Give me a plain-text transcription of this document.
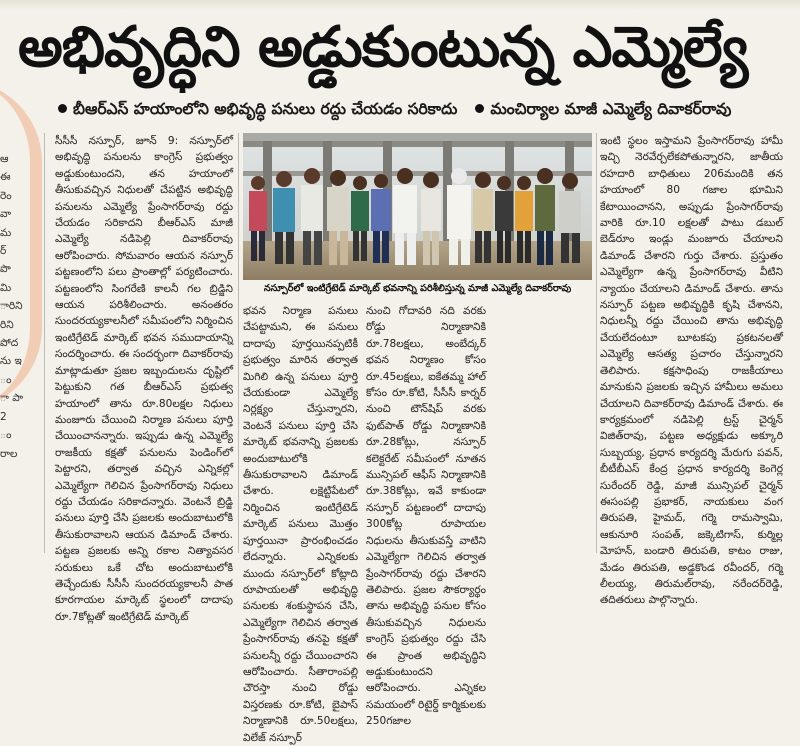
అభివృద్ధిని అడ్డుకుంటున్న ఎమ్మెల్యే
బీఆర్ఎస్ హయాంలోని అభివృద్ధి పనులు రద్దు చేయడం సరికాదు మంచిర్యాల మాజీ ఎమ్మెల్యే దివాకర్‌రావు
ఆ
ఈ
రెం
వా
మ
ర్
పొ
మి
ారిని
రిని
పోద
ను ఇ
ం
ా పా
2
ం
రాల

సీసీసీ నస్పూర్, జూన్ 9: నస్పూర్‌లో అభివృద్ధి పనులను కాంగ్రెస్ ప్రభుత్వం అడ్డుకుంటుందని, తన హయాంలో తీసుకువచ్చిన నిధులతో చేపట్టిన అభివృద్ధి పనులను ఎమ్మెల్యే ప్రేంసాగర్‌రావు రద్దు చేయడం సరికాదని బీఆర్ఎస్ మాజీ ఎమ్మెల్యే నడిపెల్లి దివాకర్‌రావు ఆరోపించారు. సోమవారం ఆయన నస్పూర్ పట్టణంలోని పలు ప్రాంతాల్లో పర్యటించారు. పట్టణంలోని సింగరేణి కాలనీ గల బ్రిడ్జిని ఆయన పరిశీలించారు. అనంతరం సుందరయ్యకాలనీలో సమీపంలోని నిర్మించిన ఇంటిగ్రేటెడ్ మార్కెట్ భవన సముదాయాన్ని సందర్శించారు. ఈ సందర్భంగా దివాకర్‌రావు మాట్లాడుతూ ప్రజల ఇబ్బందులను దృష్టిలో పెట్టుకుని గత బీఆర్ఎస్ ప్రభుత్వ హయాంలో తాను రూ.80లక్షల నిధులు మంజూరు చేయించి నిర్మాణ పనులు పూర్తి చేయించానన్నారు. ఇప్పుడు ఉన్న ఎమ్మెల్యే రాజకీయ కక్షతో పనులను పెండింగ్‌లో పెట్టారని, తర్వాత వచ్చిన ఎన్నికల్లో ఎమ్మెల్యేగా గెలిచిన ప్రేంసాగర్‌రావు నిధులు రద్దు చేయడం సరికాదన్నారు. వెంటనే బ్రిడ్జి పనులు పూర్తి చేసి ప్రజలకు అందుబాటులోకి తీసుకురావాలని ఆయన డిమాండ్ చేశారు. పట్టణ ప్రజలకు అన్ని రకాల నిత్యావసర సరుకులు ఒకే చోట అందుబాటులోకి తెచ్చేందుకు సీసీసీ సుందరయ్యకాలనీ పాత కూరగాయల మార్కెట్ స్థలంలో దాదాపు రూ.7కోట్లతో ఇంటిగ్రేటెడ్ మార్కెట్

నస్పూర్‌లో ఇంటిగ్రేటెడ్ మార్కెట్ భవనాన్ని పరిశీలిస్తున్న మాజీ ఎమ్మెల్యే దివాకర్‌రావు

భవన నిర్మాణ పనులు చేపట్టామని, ఈ పనులు దాదాపు పూర్తయినప్పటికీ ప్రభుత్వం మారిన తర్వాత మిగిలి ఉన్న పనులు పూర్తి చేయకుండా ఎమ్మెల్యే నిర్లక్ష్యం చేస్తున్నారని, వెంటనే పనులు పూర్తి చేసి మార్కెట్ భవనాన్ని ప్రజలకు అందుబాటులోకి తీసుకురావాలని డిమాండ్ చేశారు. లక్షెట్టిపేటలో నిర్మించిన ఇంటిగ్రేటెడ్ మార్కెట్ పనులు మొత్తం పూర్తయినా ప్రారంభించడం లేదన్నారు. ఎన్నికలకు ముందు నస్పూర్‌లో కోట్లాది రూపాయలతో అభివృద్ధి పనులకు శంకుస్థాపన చేసి, ఎమ్మెల్యేగా గెలిచిన తర్వాత ప్రేంసాగర్‌రావు తనపై కక్షతో పనులన్నీ రద్దు చేయించారని ఆరోపించారు. సీతారాంపల్లి చౌరస్తా నుంచి రోడ్డు విస్తరణకు రూ.కోటి, బైపాస్ నిర్మాణానికి రూ.50లక్షలు, విలేజ్ నస్పూర్

నుంచి గోదావరి నది వరకు రోడ్డు నిర్మాణానికి రూ.78లక్షలు, అంబేద్కర్ భవన నిర్మాణం కోసం రూ.45లక్షలు, ఐకేతమ్మ హాల్ కోసం రూ.కోటి, సీసీసీ కార్నర్ నుంచి టౌన్‌షిప్ వరకు ఫుట్‌పాత్ రోడ్డు నిర్మాణానికి రూ.28కోట్లు, నస్పూర్ కలెక్టరేట్ సమీపంలో నూతన మున్సిపల్ ఆఫీస్ నిర్మాణానికి రూ.38కోట్లు, ఇవే కాకుండా నస్పూర్ పట్టణంలో దాదాపు 300కోట్ల రూపాయల నిధులను తీసుకువస్తే వాటిని ఎమ్మెల్యేగా గెలిచిన తర్వాత ప్రేంసాగర్‌రావు రద్దు చేశారని తెలిపారు. ప్రజల సౌకర్యార్థం తాను అభివృద్ధి పనుల కోసం తీసుకువచ్చిన నిధులను కాంగ్రెస్ ప్రభుత్వం రద్దు చేసి ఈ ప్రాంత అభివృద్ధిని అడ్డుకుంటుందని ఆరోపించారు. ఎన్నికల సమయంలో రిటైర్డ్ కార్మికులకు 250గజాల

ఇంటి స్థలం ఇస్తామని ప్రేంసాగర్‌రావు హామీ ఇచ్చి నెరవేర్చలేకపోతున్నారని, జాతీయ రహదారి బాధితులు 206మందికి తన హయాంలో 80 గజాల భూమిని కేటాయించానని, అప్పుడు ప్రేంసాగర్‌రావు వారికి రూ.10 లక్షలతో పాటు డబుల్ బెడ్‌రూం ఇండ్లు మంజూరు చేయాలని డిమాండ్ చేశారని గుర్తు చేశారు. ప్రస్తుతం ఎమ్మెల్యేగా ఉన్న ప్రేంసాగర్‌రావు వీటిని న్యాయం చేయాలని డిమాండ్ చేశారు. తాను నస్పూర్ పట్టణ అభివృద్ధికి కృషి చేశానని, నిధులన్నీ రద్దు చేయించి తాను అభివృద్ధి చేయలేదంటూ బూటకపు ప్రకటనలతో ఎమ్మెల్యే ఆసత్య ప్రచారం చేస్తున్నారని తెలిపారు. కక్షసాధింపు రాజకీయాలు మానుకుని ప్రజలకు ఇచ్చిన హామీలు అమలు చేయాలని దివాకర్‌రావు డిమాండ్ చేశారు. ఈ కార్యక్రమంలో నడిపెల్లి ట్రస్ట్ చైర్మన్ విజిత్‌రావు, పట్టణ అధ్యక్షుడు అక్కూరి సుబ్బయ్య, ప్రధాన కార్యదర్శి మేరుగు పవన్, బీటీబీఎస్ కేంద్ర ప్రధాన కార్యదర్శి కెంగెర్ల సురేందర్ రెడ్డి, మాజీ మున్సిపల్ చైర్మన్ ఈసంపల్లి ప్రభాకర్, నాయకులు వంగ తిరుపతి, హైమద్, గర్మె రామస్వామి, ఆకునూరి సంపత్, జక్కెటిగాస్, కుర్మిల్ల మోహన్, బండారి తిరుపతి, కాటం రాజు, మేడం తిరుపతి, అడ్డకొండ రవీందర్, గర్మె లీలయ్య, తిరుమల్‌రావు, నరేందర్‌రెడ్డి, తదితరులు పాల్గొన్నారు.
